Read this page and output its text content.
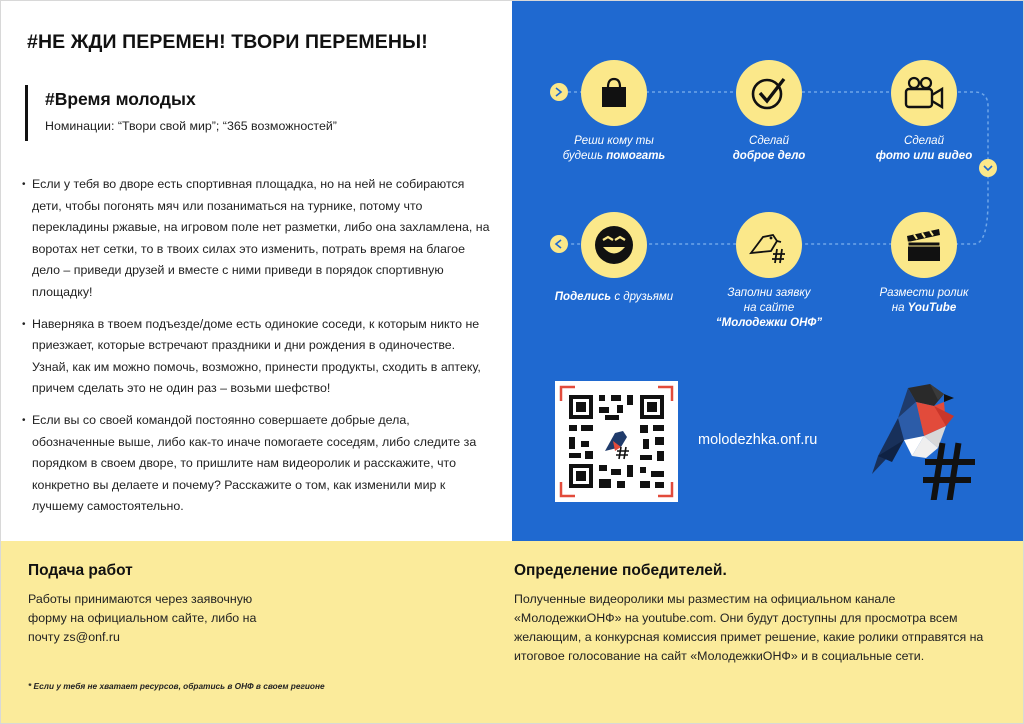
#НЕ ЖДИ ПЕРЕМЕН! ТВОРИ ПЕРЕМЕНЫ!
#Время молодых
Номинации: “Твори свой мир”; “365 возможностей”
• Если у тебя во дворе есть спортивная площадка, но на ней не собираются дети, чтобы погонять мяч или позаниматься на турнике, потому что перекладины ржавые, на игровом поле нет разметки, либо она захламлена, на воротах нет сетки, то в твоих силах это изменить, потрать время на благое дело – приведи друзей и вместе с ними приведи в порядок спортивную площадку!
• Наверняка в твоем подъезде/доме есть одинокие соседи, к которым никто не приезжает, которые встречают праздники и дни рождения в одиночестве. Узнай, как им можно помочь, возможно, принести продукты, сходить в аптеку, причем сделать это не один раз – возьми шефство!
• Если вы со своей командой постоянно совершаете добрые дела, обозначенные выше, либо как-то иначе помогаете соседям, либо следите за порядком в своем дворе, то пришлите нам видеоролик и расскажите, что конкретно вы делаете и почему? Расскажите о том, как изменили мир к лучшему самостоятельно.
Реши кому ты
будешь помогать
Сделай
доброе дело
Сделай
фото или видео
Поделись с друзьями	Заполни заявку
на сайте
“Молодежки ОНФ”
Размести ролик
на YouTube
molodezhka.onf.ru
Подача работ
Работы принимаются через заявочную форму на официальном сайте, либо на почту zs@onf.ru
* Если у тебя не хватает ресурсов, обратись в ОНФ в своем регионе
Определение победителей.
Полученные видеоролики мы разместим на официальном канале «МолодежкиОНФ» на youtube.com. Они будут доступны для просмотра всем желающим, а конкурсная комиссия примет решение, какие ролики отправятся на итоговое голосование на сайт «МолодежкиОНФ» и в социальные сети.
